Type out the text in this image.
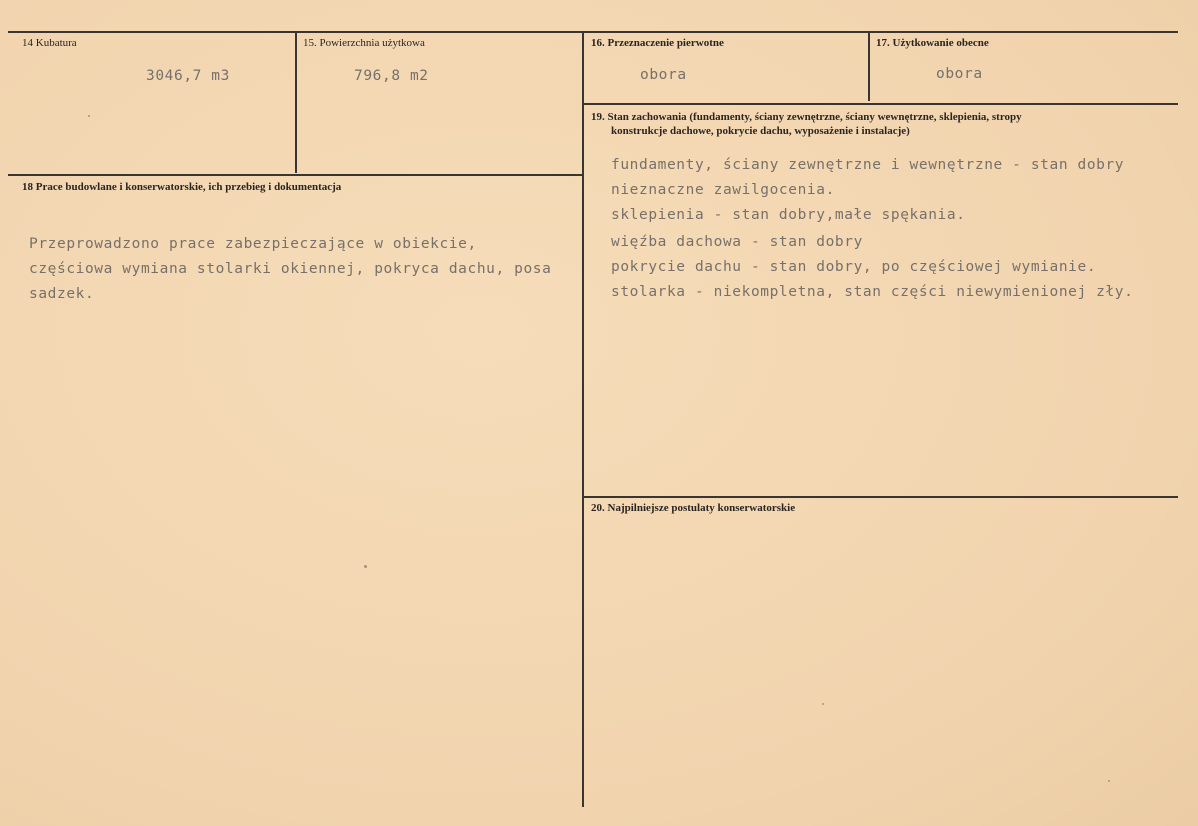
14 Kubatura
3046,7 m3
15. Powierzchnia użytkowa
796,8 m2
16. Przeznaczenie pierwotne
obora
17. Użytkowanie obecne
obora
19. Stan zachowania (fundamenty, ściany zewnętrzne, ściany wewnętrzne, sklepienia, stropy
konstrukcje dachowe, pokrycie dachu, wyposażenie i instalacje)
fundamenty, ściany zewnętrzne i wewnętrzne - stan dobry
nieznaczne zawilgocenia.
sklepienia - stan dobry,małe spękania.
więźba dachowa - stan dobry
pokrycie dachu - stan dobry, po częściowej wymianie.
stolarka - niekompletna, stan części niewymienionej zły.
18 Prace budowlane i konserwatorskie, ich przebieg i dokumentacja
Przeprowadzono prace zabezpieczające w obiekcie,
częściowa wymiana stolarki okiennej, pokryca dachu, posa
sadzek.
20. Najpilniejsze postulaty konserwatorskie
